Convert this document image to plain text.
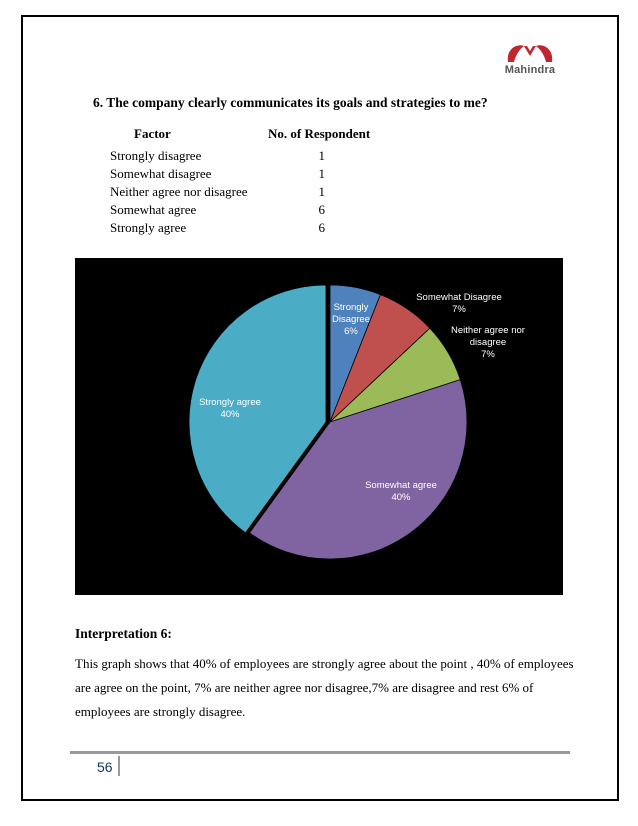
Mahindra
6. The company clearly communicates its goals and strategies to me?
Factor	No. of Respondent
Strongly disagree	1
Somewhat disagree	1
Neither agree nor disagree	1
Somewhat agree	6
Strongly agree	6
Strongly Disagree 6%
Somewhat Disagree 7%
Neither agree nor disagree 7%
Somewhat agree 40%
Strongly agree 40%
Interpretation 6:
This graph shows that 40% of employees are strongly agree about the point , 40% of employees are agree on the point, 7% are neither agree nor disagree,7% are disagree and rest 6% of employees are strongly disagree.
56
